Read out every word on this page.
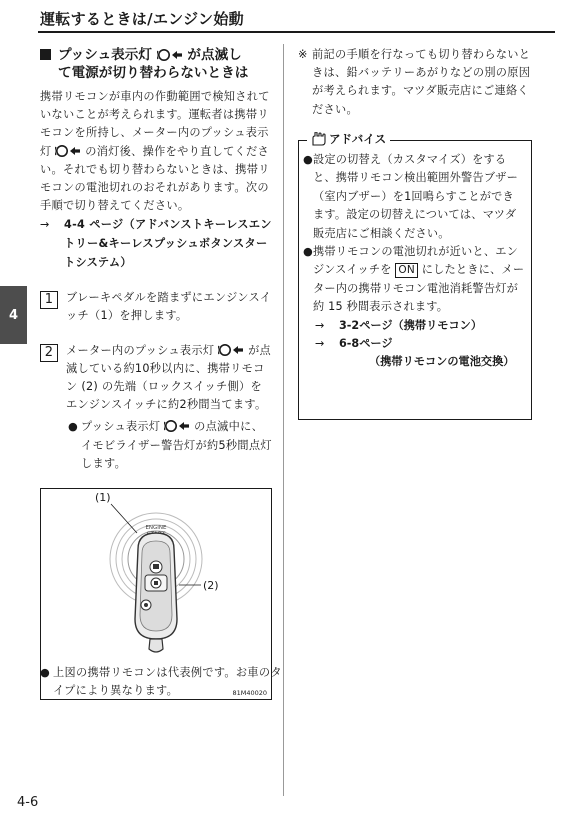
運転するときは/エンジン始動
4
4-6
プッシュ表示灯	が点滅し
て電源が切り替わらないときは
携帯リモコンが車内の作動範囲で検知されていないことが考えられます。運転者は携帯リモコンを所持し、メーター内のプッシュ表示灯	の消灯後、操作をやり直してください。それでも切り替わらないときは、携帯リモコンの電池切れのおそれがあります。次の手順で切り替えてください。
→ 4-4 ページ（アドバンストキーレスエントリー&キーレスプッシュボタンスタートシステム）
1	ブレーキペダルを踏まずにエンジンスイッチ（1）を押します。
2	メーター内のプッシュ表示灯	が点滅している約10秒以内に、携帯リモコン (2) の先端（ロックスイッチ側）をエンジンスイッチに約2秒間当てます。
● プッシュ表示灯	の点滅中に、イモビライザー警告灯が約5秒間点灯します。
ENGINE
(1)
(2)
81M40020
● 上図の携帯リモコンは代表例です。お車のタイプにより異なります。
※ 前記の手順を行なっても切り替わらないときは、鉛バッテリーあがりなどの別の原因が考えられます。マツダ販売店にご連絡ください。
アドバイス
● 設定の切替え（カスタマイズ）をすると、携帯リモコン検出範囲外警告ブザー（室内ブザー）を1回鳴らすことができます。設定の切替えについては、マツダ販売店にご相談ください。
● 携帯リモコンの電池切れが近いと、エンジンスイッチを ON にしたときに、メーター内の携帯リモコン電池消耗警告灯が約 15 秒間表示されます。
→ 3-2ページ（携帯リモコン）
→ 6-8ページ
（携帯リモコンの電池交換）
